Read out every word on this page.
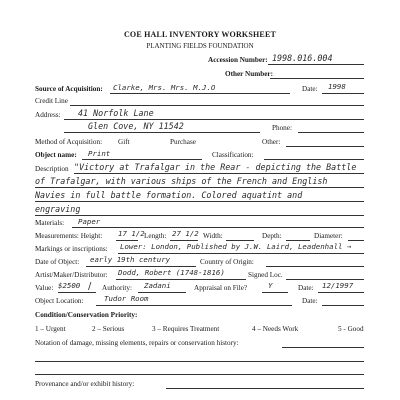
COE HALL INVENTORY WORKSHEET
PLANTING FIELDS FOUNDATION
Accession Number: 1998.016.004
Other Number:
Source of Acquisition: Clarke, Mrs. Mrs. M.J.O	Date: 1998
Credit Line
Address: 41 Norfolk Lane
Glen Cove, NY 11542	Phone:
Method of Acquisition: Gift	Purchase	Other:
Object name: Print	Classification:
Description "Victory at Trafalgar in the Rear - depicting the Battle
of Trafalgar, with various ships of the French and English
Navies in full battle formation. Colored aquatint and
engraving
Materials: Paper
Measurements: Height: 17 1/2 Length: 27 1/2 Width:	Depth:	Diameter:
Markings or inscriptions: Lower: London, Published by J.W. Laird, Leadenhall →
Date of Object: early 19th century	Country of Origin:
Artist/Maker/Distributor: Dodd, Robert (1748-1816)	Signed Loc.
Value: $2500 / Authority: Zadani	Appraisal on File?	Y	Date: 12/1997
Object Location:	Tudor Room	Date:
Condition/Conservation Priority:
1 – Urgent	2 – Serious	3 – Requires Treatment	4 – Needs Work	5 - Good
Notation of damage, missing elements, repairs or conservation history:
Provenance and/or exhibit history:
